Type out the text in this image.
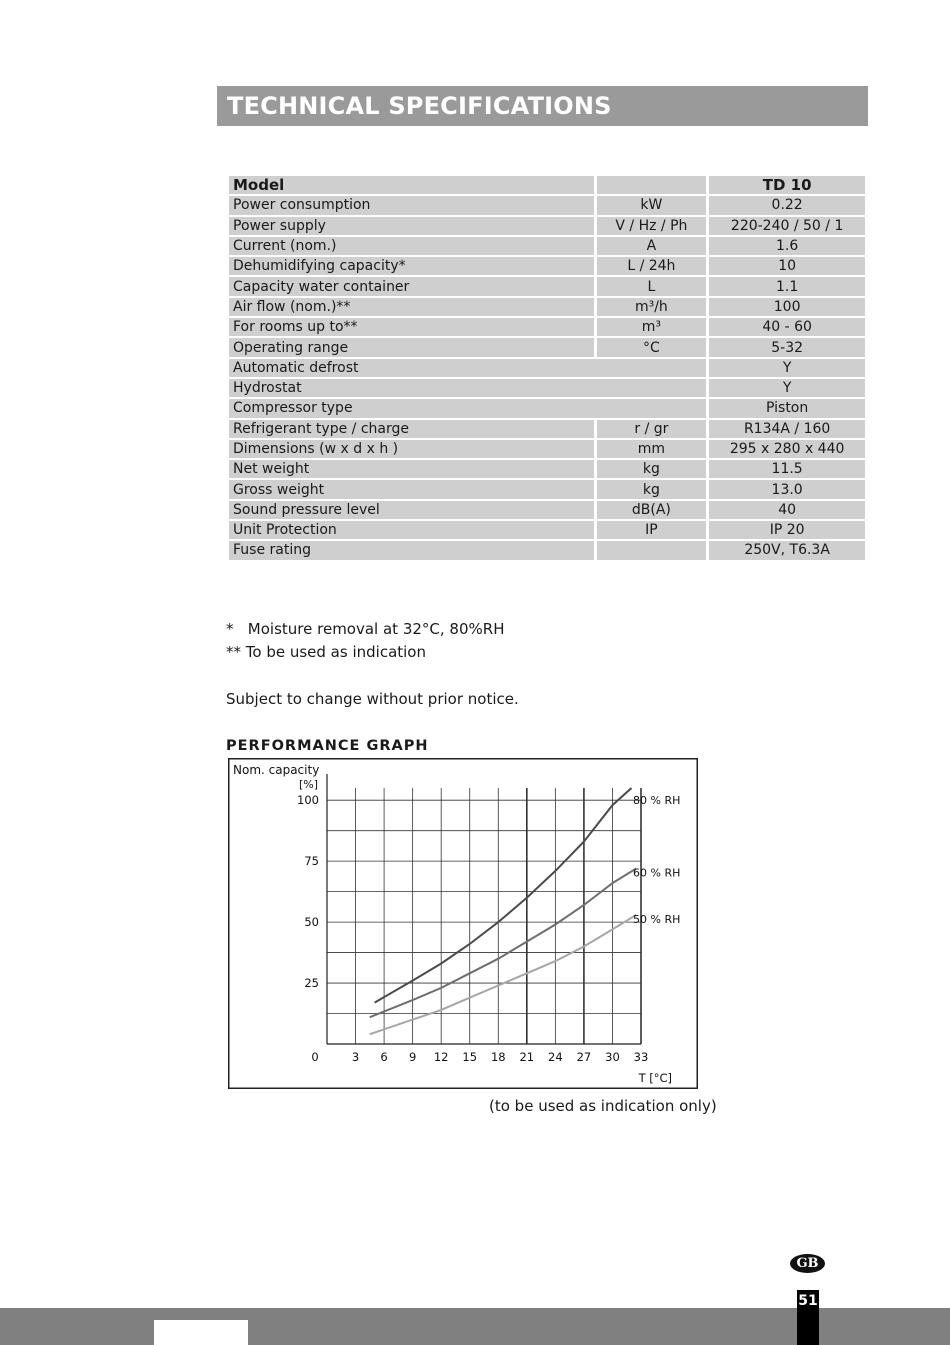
TECHNICAL SPECIFICATIONS
Model		TD 10
Power consumption	kW	0.22
Power supply	V / Hz / Ph	220-240 / 50 / 1
Current (nom.)	A	1.6
Dehumidifying capacity*	L / 24h	10
Capacity water container	L	1.1
Air flow (nom.)**	m³/h	100
For rooms up to**	m³	40 - 60
Operating range	°C	5-32
Automatic defrost		Y
Hydrostat		Y
Compressor type		Piston
Refrigerant type / charge	r / gr	R134A / 160
Dimensions (w x d x h )	mm	295 x 280 x 440
Net weight	kg	11.5
Gross weight	kg	13.0
Sound pressure level	dB(A)	40
Unit Protection	IP	IP 20
Fuse rating		250V, T6.3A
*   Moisture removal at 32°C, 80%RH
** To be used as indication
Subject to change without prior notice.
PERFORMANCE GRAPH
Nom. capacity
[%]
25
50
75
100
0	3 6 9 12 15 18 21 24 27 30 33
T [°C]
80 % RH
60 % RH
50 % RH
(to be used as indication only)
GB
51
